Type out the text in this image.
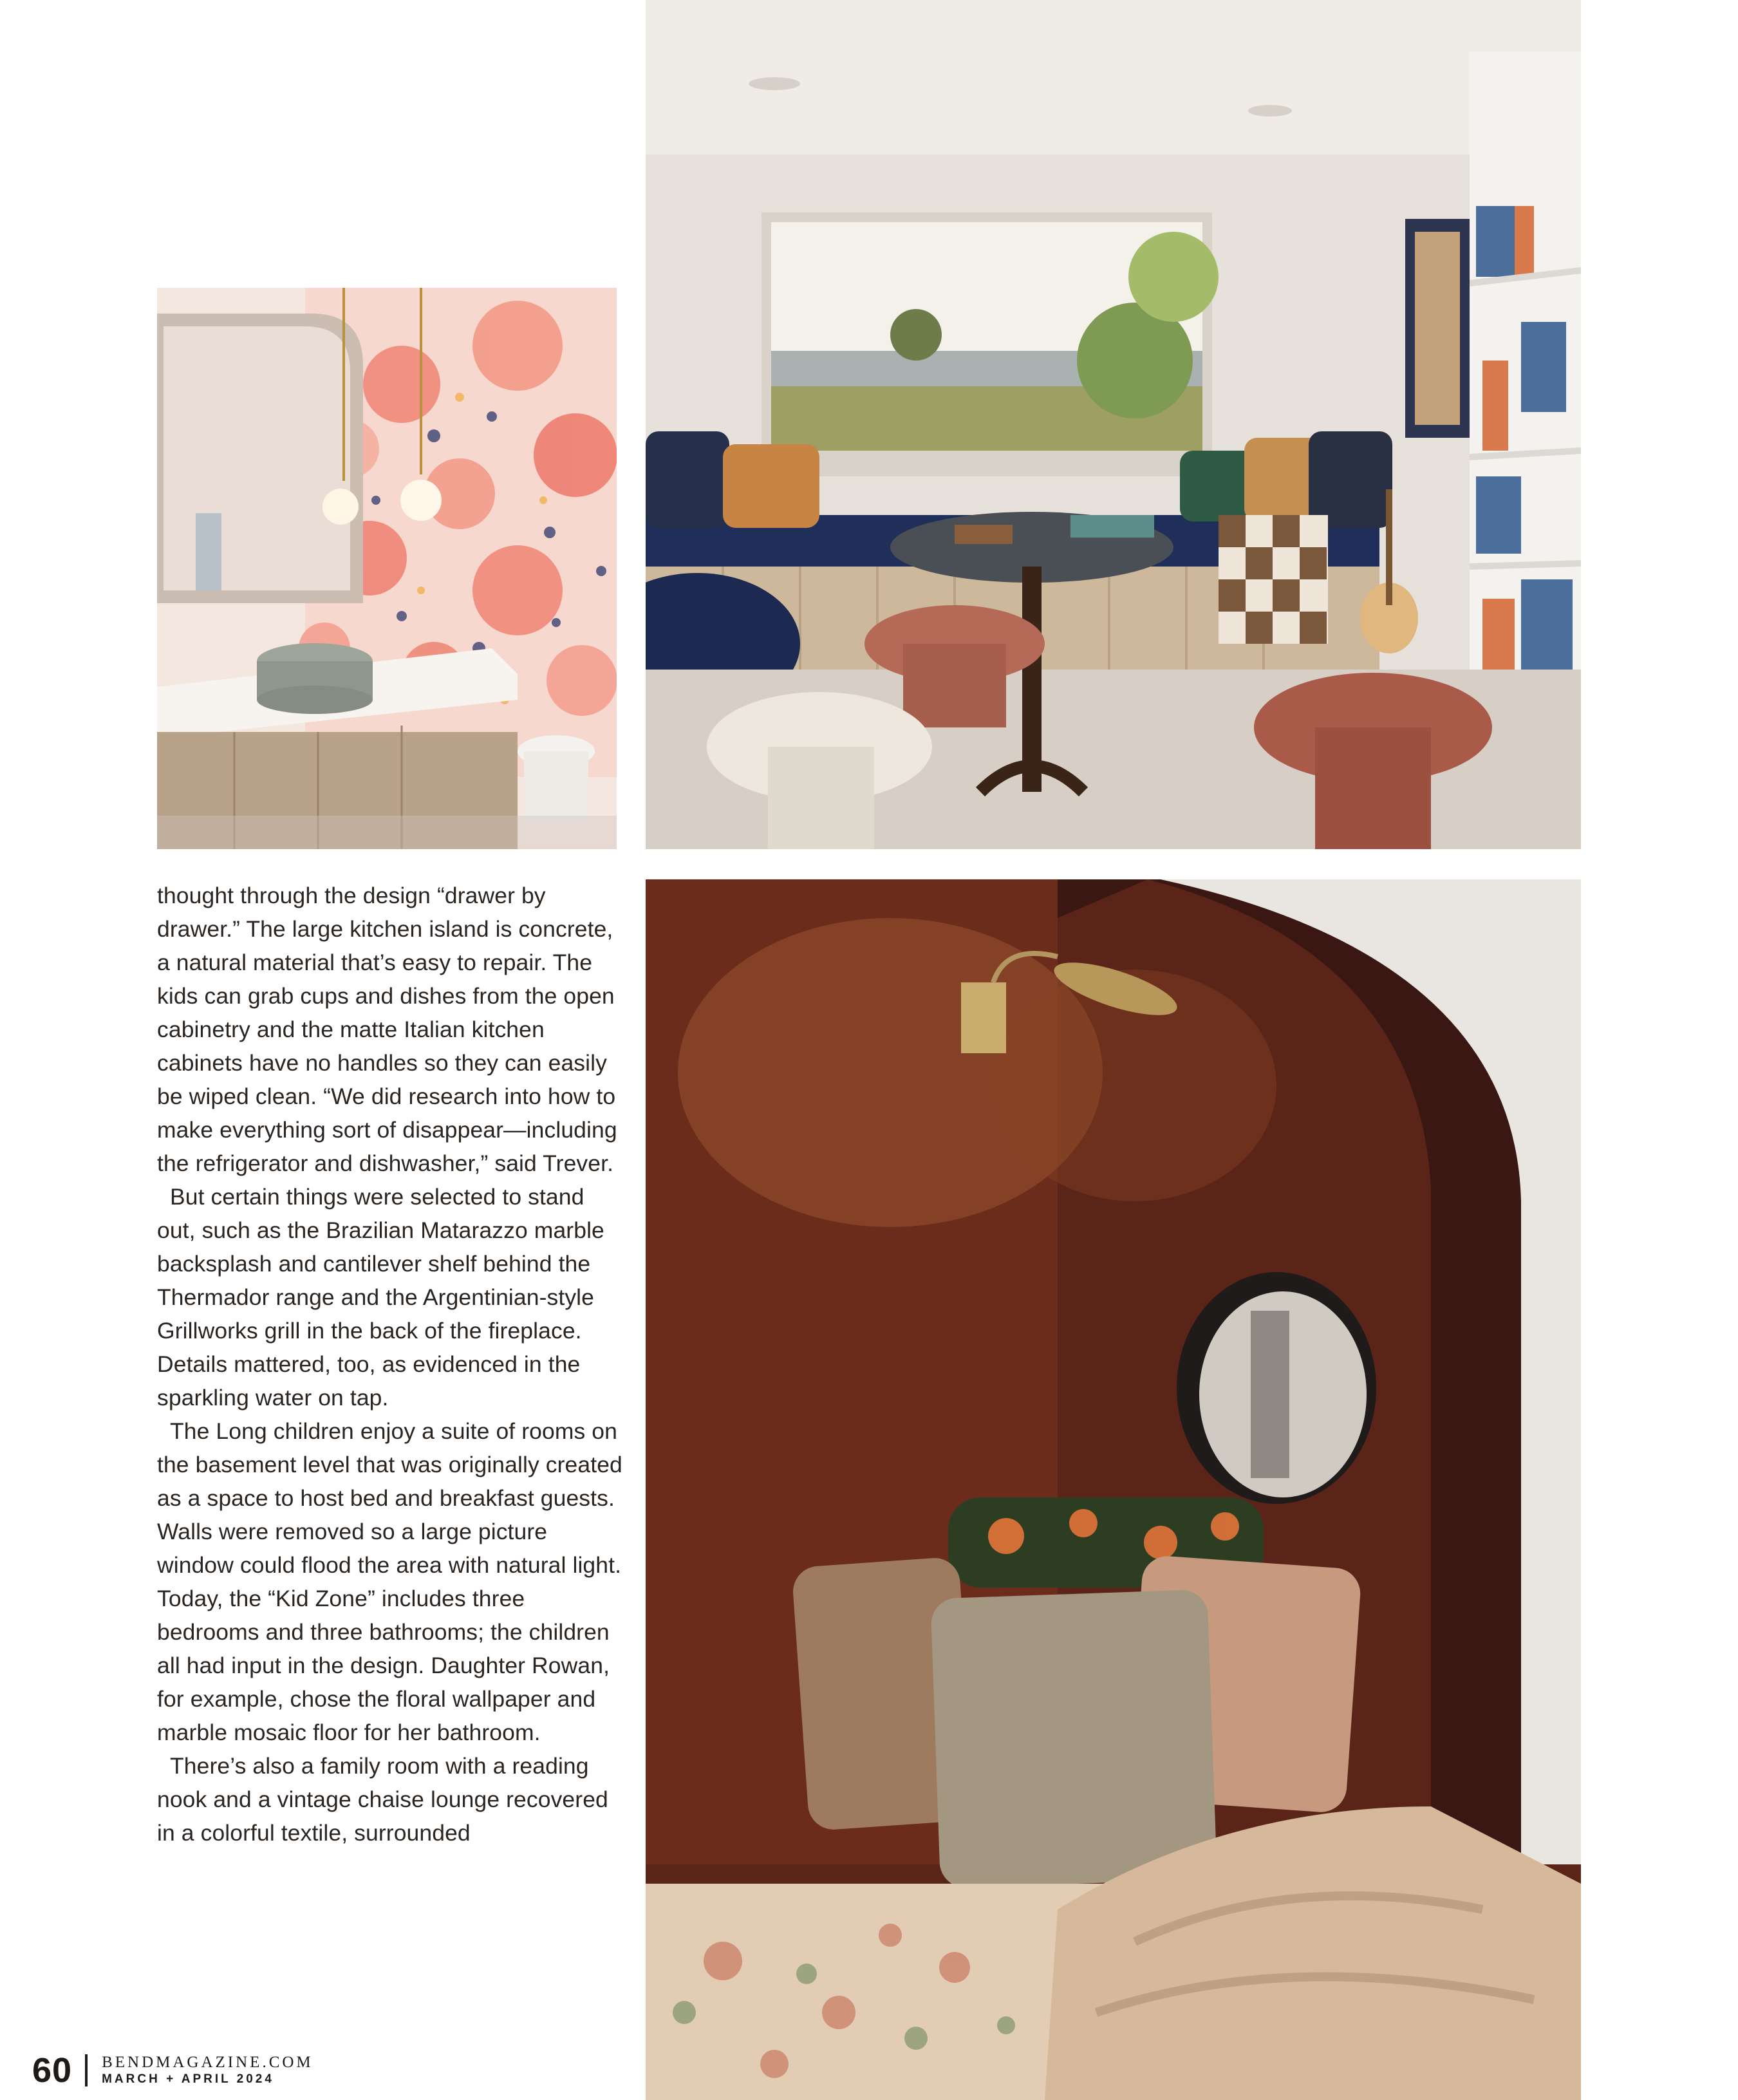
thought through the design “drawer by drawer.” The large kitchen island is concrete, a natural material that’s easy to repair. The kids can grab cups and dishes from the open cabinetry and the matte Italian kitchen cabinets have no handles so they can easily be wiped clean. “We did research into how to make everything sort of disappear—including the refrigerator and dishwasher,” said Trever.

But certain things were selected to stand out, such as the Brazilian Matarazzo marble backsplash and cantilever shelf behind the Thermador range and the Argentinian-style Grillworks grill in the back of the fireplace. Details mattered, too, as evidenced in the sparkling water on tap.

The Long children enjoy a suite of rooms on the basement level that was originally created as a space to host bed and breakfast guests. Walls were removed so a large picture window could flood the area with natural light. Today, the “Kid Zone” includes three bedrooms and three bathrooms; the children all had input in the design. Daughter Rowan, for example, chose the floral wallpaper and marble mosaic floor for her bathroom.

There’s also a family room with a reading nook and a vintage chaise lounge recovered in a colorful textile, surrounded

60 BENDMAGAZINE.COM
MARCH + APRIL 2024
